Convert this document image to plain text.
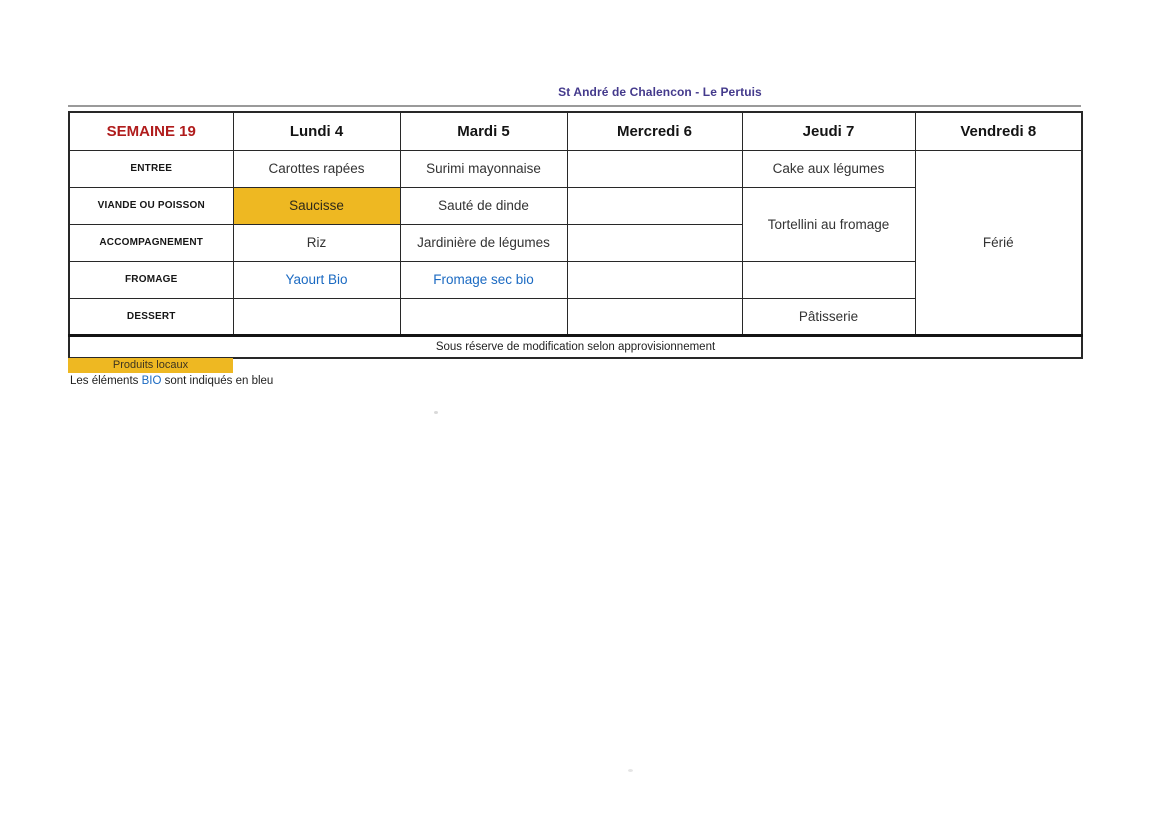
St André de Chalencon - Le Pertuis
SEMAINE 19	Lundi 4	Mardi 5	Mercredi 6	Jeudi 7	Vendredi 8
ENTREE	Carottes rapées	Surimi mayonnaise		Cake aux légumes	Férié
VIANDE OU POISSON	Saucisse	Sauté de dinde		Tortellini au fromage	
ACCOMPAGNEMENT	Riz	Jardinière de légumes			
FROMAGE	Yaourt Bio	Fromage sec bio			
DESSERT				Pâtisserie	
Sous réserve de modification selon approvisionnement					
Produits locaux
Les éléments BIO sont indiqués en bleu
